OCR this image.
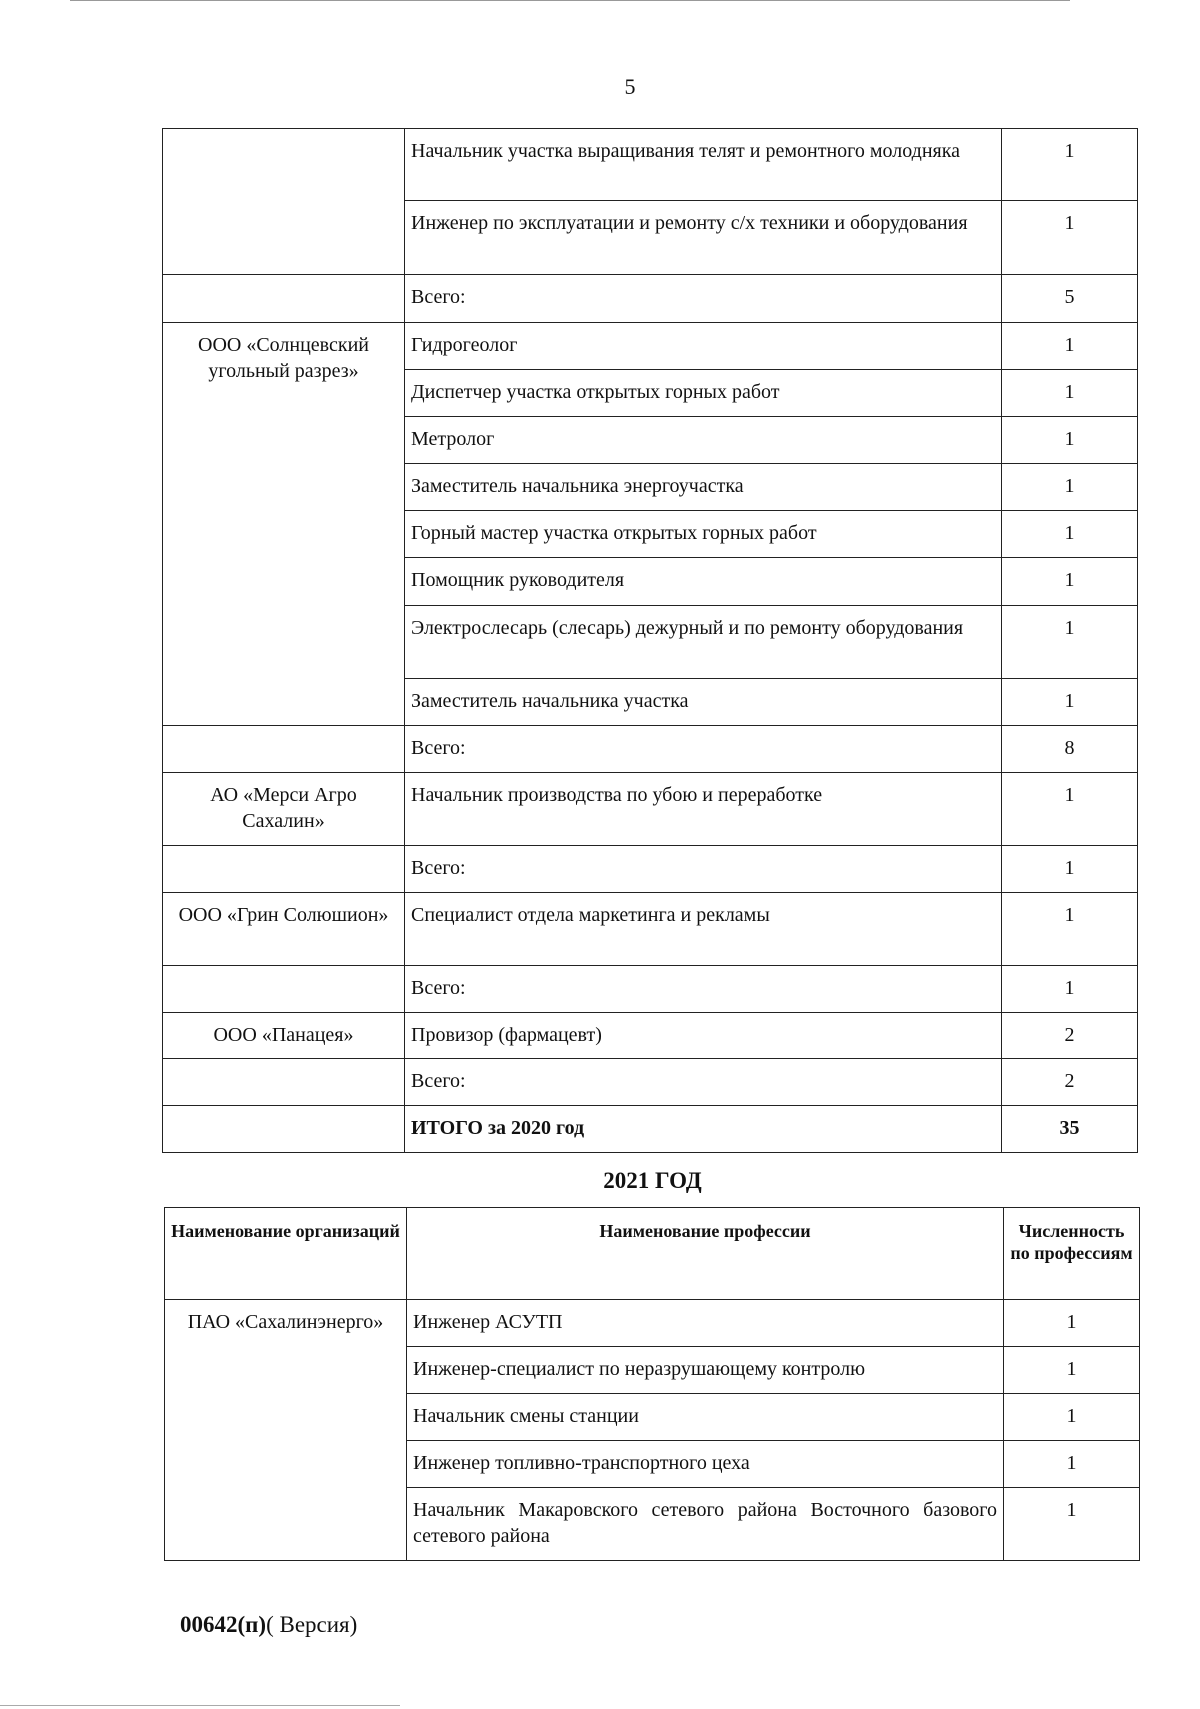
5
	Начальник участка выращивания телят и ремонтного молодняка	1
	Инженер по эксплуатации и ремонту с/х техники и оборудования	1
	Всего:	5
ООО «Солнцевский угольный разрез»	Гидрогеолог	1
	Диспетчер участка открытых горных работ	1
	Метролог	1
	Заместитель начальника энергоучастка	1
	Горный мастер участка открытых горных работ	1
	Помощник руководителя	1
	Электрослесарь (слесарь) дежурный и по ремонту оборудования	1
	Заместитель начальника участка	1
	Всего:	8
АО «Мерси Агро Сахалин»	Начальник производства по убою и переработке	1
	Всего:	1
ООО «Грин Солюшион»	Специалист отдела маркетинга и рекламы	1
	Всего:	1
ООО «Панацея»	Провизор (фармацевт)	2
	Всего:	2
	ИТОГО за 2020 год	35
2021 ГОД
Наименование организаций	Наименование профессии	Численность по профессиям
ПАО «Сахалинэнерго»	Инженер АСУТП	1
	Инженер-специалист по неразрушающему контролю	1
	Начальник смены станции	1
	Инженер топливно-транспортного цеха	1
	Начальник Макаровского сетевого района Восточного базового сетевого района	1
00642(п)( Версия)
